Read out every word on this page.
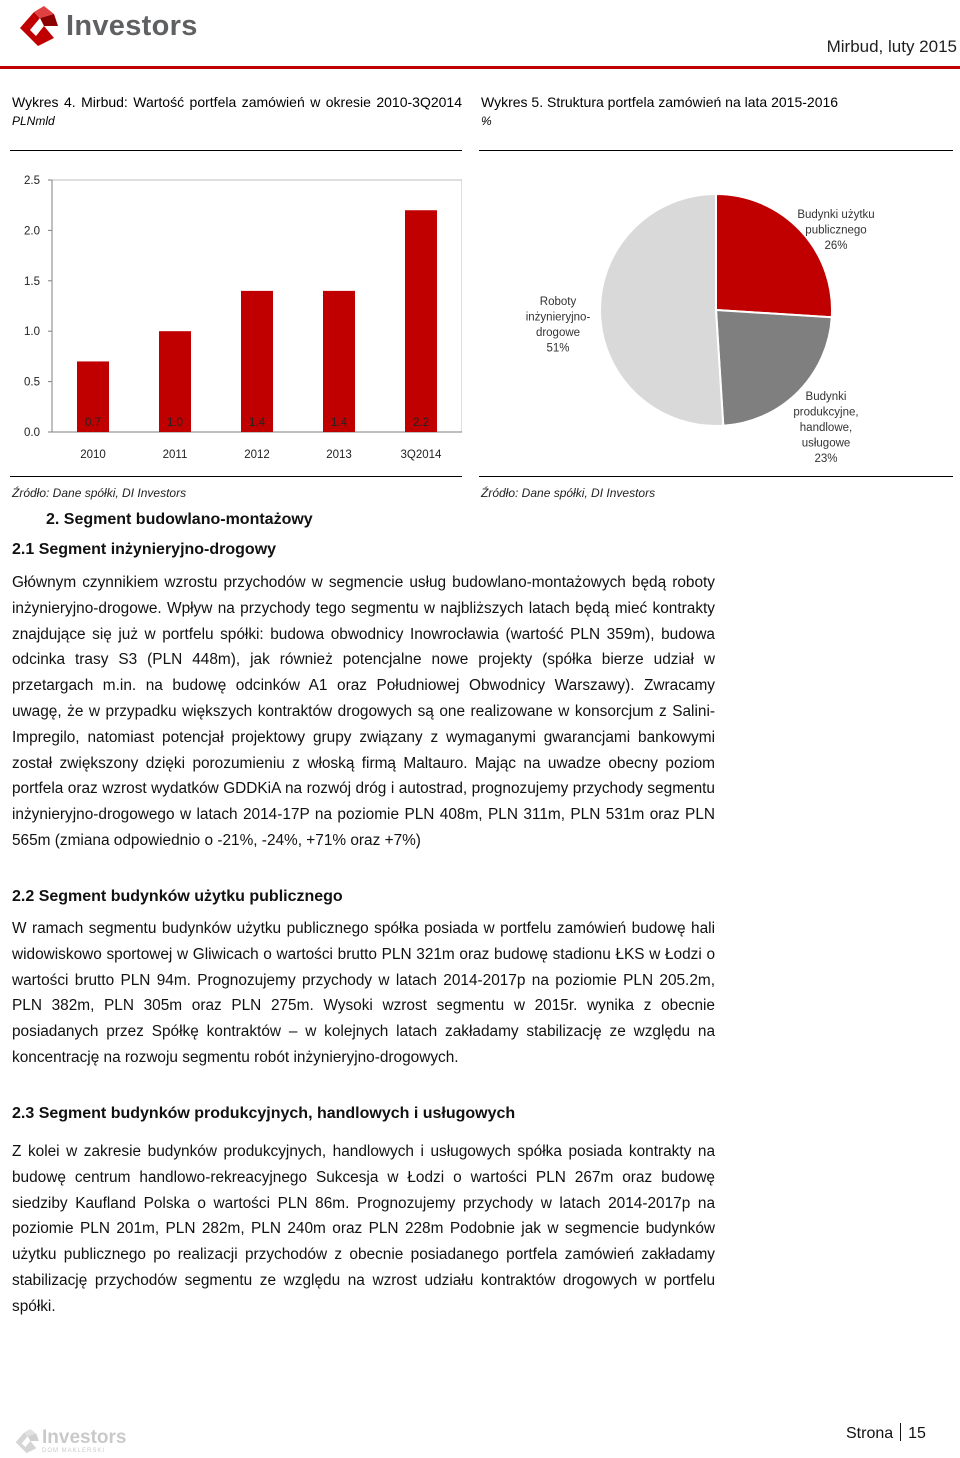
Investors
Mirbud, luty 2015
Wykres 4. Mirbud: Wartość portfela zamówień w okresie 2010-3Q2014
PLNmld
Wykres 5. Struktura portfela zamówień na lata 2015-2016
%
0.0
0.5
1.0
1.5
2.0
2.5
0.7
2010
1.0
2011
1.4
2012
1.4
2013
2.2
3Q2014
Budynki użytku publicznego 26%
Budynki produkcyjne, handlowe, usługowe 23%
Roboty inżynieryjno-drogowe 51%
Źródło: Dane spółki, DI Investors	Źródło: Dane spółki, DI Investors
2. Segment budowlano-montażowy
2.1 Segment inżynieryjno-drogowy
Głównym czynnikiem wzrostu przychodów w segmencie usług budowlano-montażowych będą roboty inżynieryjno-drogowe. Wpływ na przychody tego segmentu w najbliższych latach będą mieć kontrakty znajdujące się już w portfelu spółki: budowa obwodnicy Inowrocławia (wartość PLN 359m), budowa odcinka trasy S3 (PLN 448m), jak również potencjalne nowe projekty (spółka bierze udział w przetargach m.in. na budowę odcinków A1 oraz Południowej Obwodnicy Warszawy). Zwracamy uwagę, że w przypadku większych kontraktów drogowych są one realizowane w konsorcjum z Salini-Impregilo, natomiast potencjał projektowy grupy związany z wymaganymi gwarancjami bankowymi został zwiększony dzięki porozumieniu z włoską firmą Maltauro. Mając na uwadze obecny poziom portfela oraz wzrost wydatków GDDKiA na rozwój dróg i autostrad, prognozujemy przychody segmentu inżynieryjno-drogowego w latach 2014-17P na poziomie PLN 408m, PLN 311m, PLN 531m oraz PLN 565m (zmiana odpowiednio o -21%, -24%, +71% oraz +7%)
2.2 Segment budynków użytku publicznego
W ramach segmentu budynków użytku publicznego spółka posiada w portfelu zamówień budowę hali widowiskowo sportowej w Gliwicach o wartości brutto PLN 321m oraz budowę stadionu ŁKS w Łodzi o wartości brutto PLN 94m. Prognozujemy przychody w latach 2014-2017p na poziomie PLN 205.2m, PLN 382m, PLN 305m oraz PLN 275m. Wysoki wzrost segmentu w 2015r. wynika z obecnie posiadanych przez Spółkę kontraktów – w kolejnych latach zakładamy stabilizację ze względu na koncentrację na rozwoju segmentu robót inżynieryjno-drogowych.
2.3 Segment budynków produkcyjnych, handlowych i usługowych
Z kolei w zakresie budynków produkcyjnych, handlowych i usługowych spółka posiada kontrakty na budowę centrum handlowo-rekreacyjnego Sukcesja w Łodzi o wartości PLN 267m oraz budowę siedziby Kaufland Polska o wartości PLN 86m. Prognozujemy przychody w latach 2014-2017p na poziomie PLN 201m, PLN 282m, PLN 240m oraz PLN 228m Podobnie jak w segmencie budynków użytku publicznego po realizacji przychodów z obecnie posiadanego portfela zamówień zakładamy stabilizację przychodów segmentu ze względu na wzrost udziału kontraktów drogowych w portfelu spółki.
Investors
DOM MAKLERSKI
Strona 15
